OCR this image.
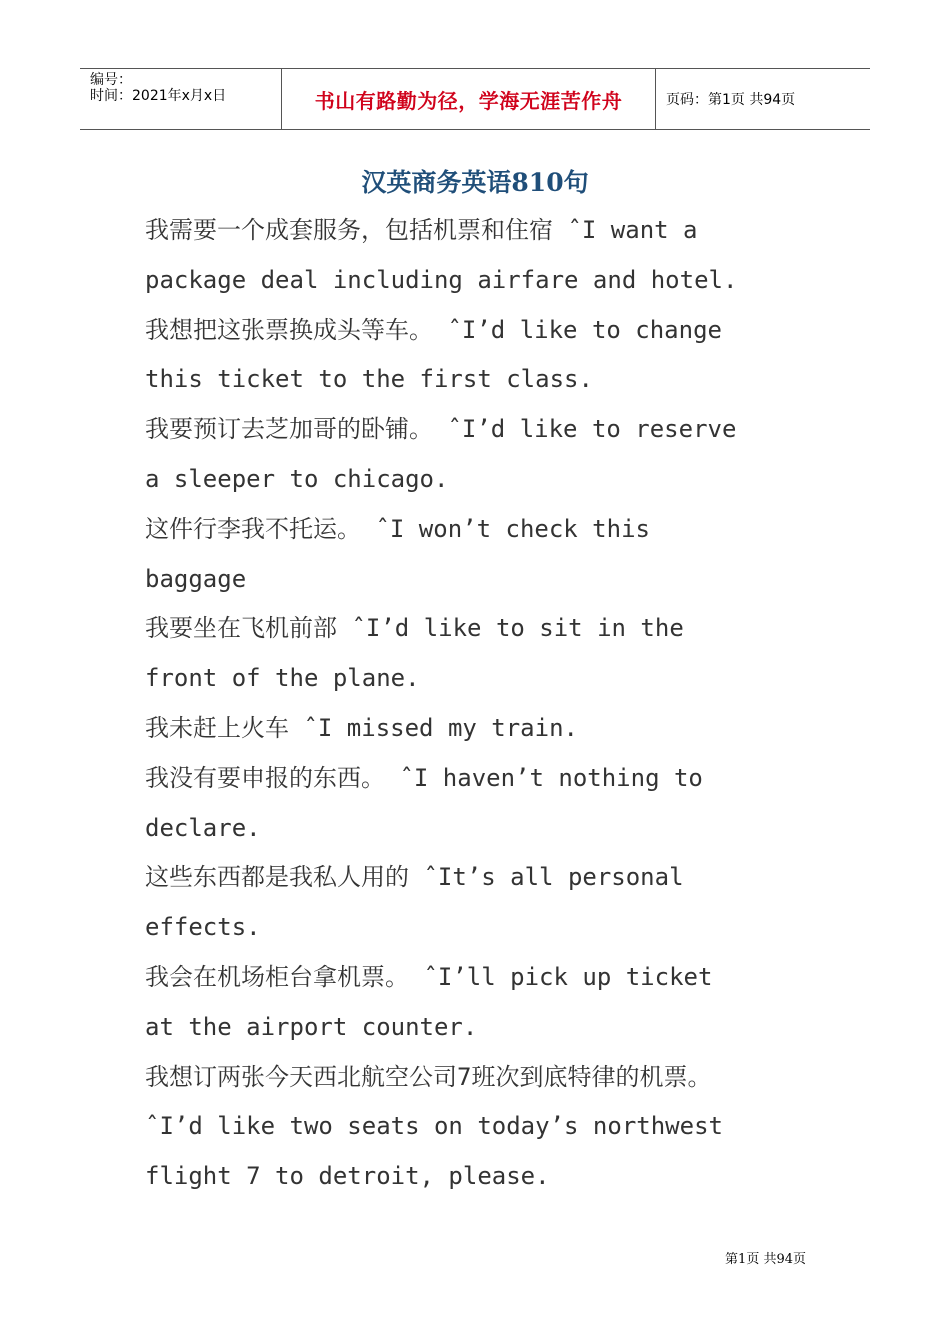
编号：
时间：2021年x月x日	书山有路勤为径，学海无涯苦作舟	页码：第1页 共94页
汉英商务英语810句
我需要一个成套服务，包括机票和住宿 ˆI want a
package deal including airfare and hotel.
我想把这张票换成头等车。 ˆI’d like to change
this ticket to the first class.
我要预订去芝加哥的卧铺。 ˆI’d like to reserve
a sleeper to chicago.
这件行李我不托运。 ˆI won’t check this
baggage
我要坐在飞机前部 ˆI’d like to sit in the
front of the plane.
我未赶上火车 ˆI missed my train.
我没有要申报的东西。 ˆI haven’t nothing to
declare.
这些东西都是我私人用的 ˆIt’s all personal
effects.
我会在机场柜台拿机票。 ˆI’ll pick up ticket
at the airport counter.
我想订两张今天西北航空公司7班次到底特律的机票。
ˆI’d like two seats on today’s northwest
flight 7 to detroit, please.
第1页 共94页
